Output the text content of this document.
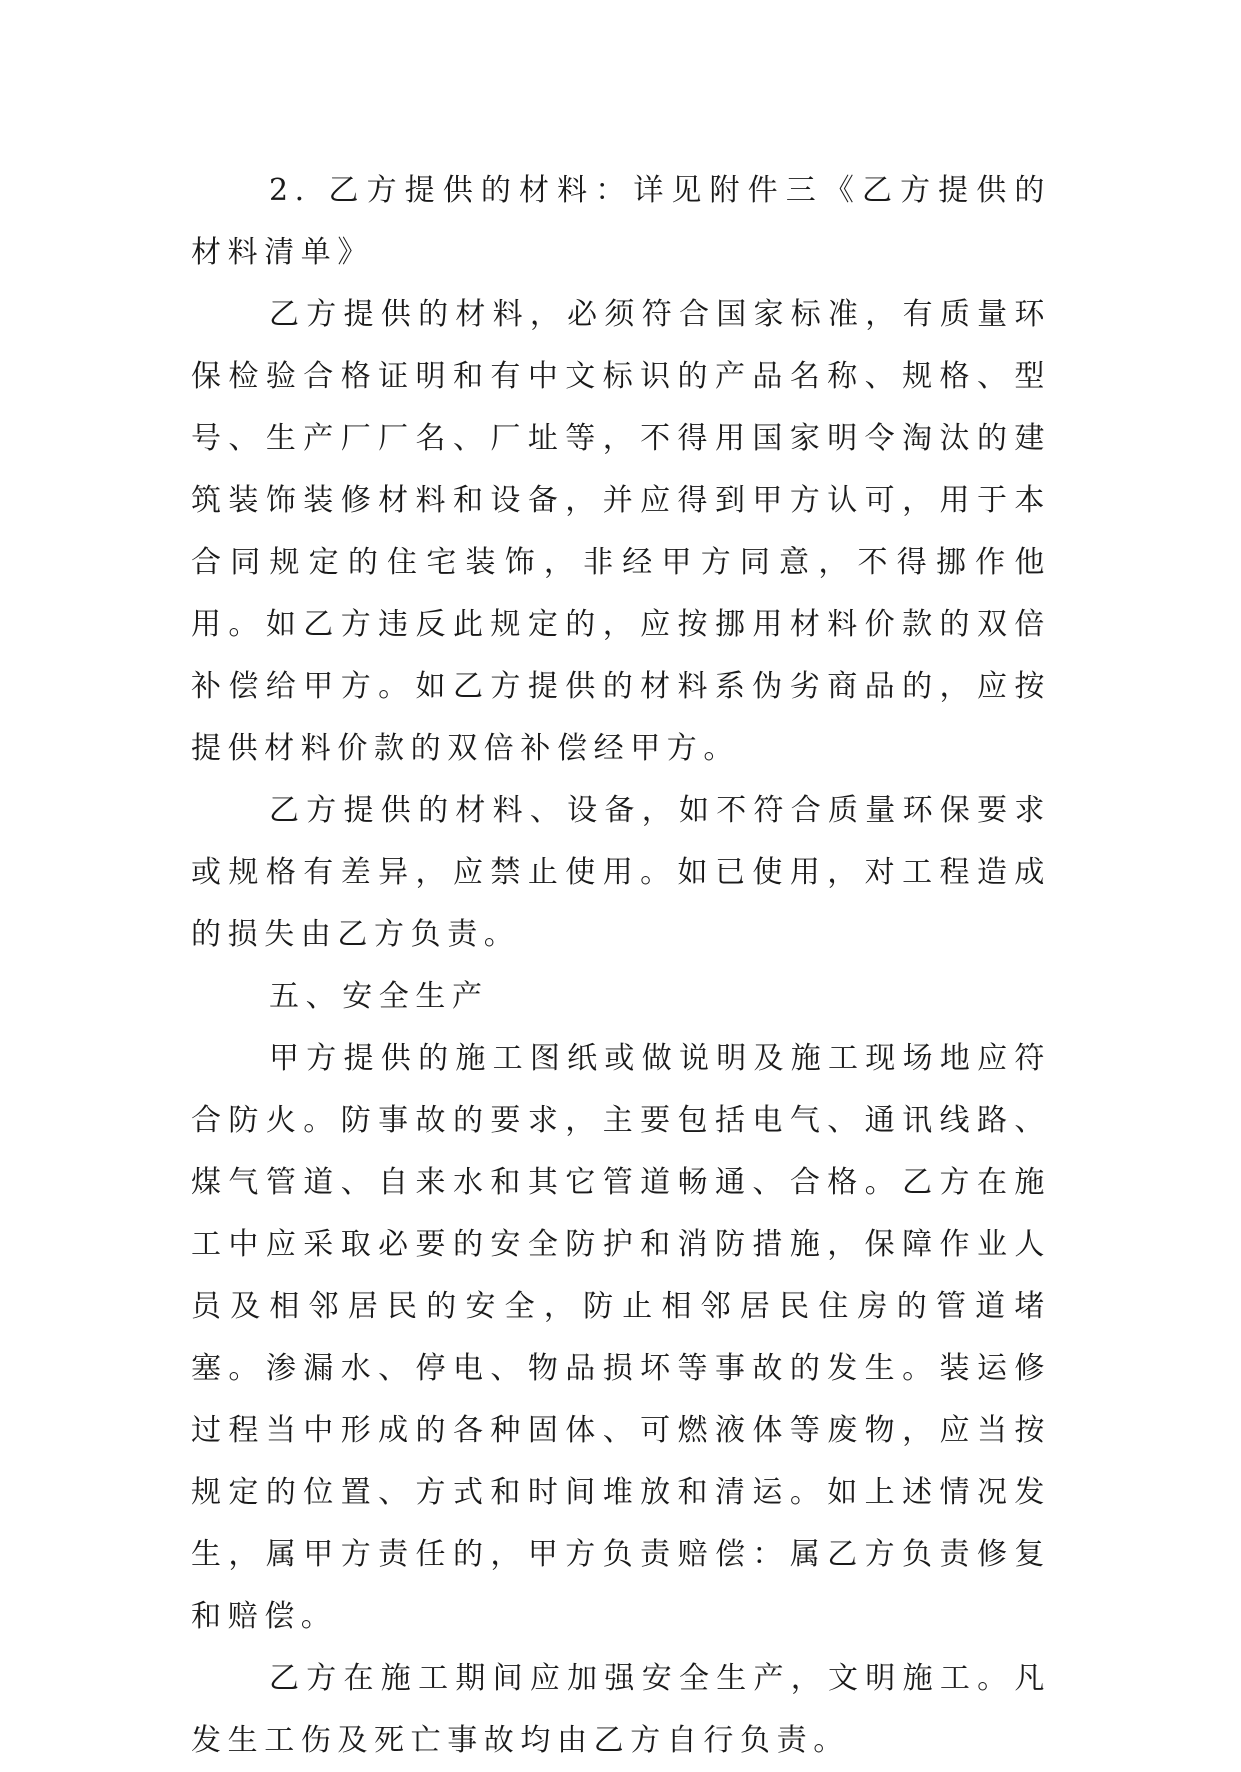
2. 乙方提供的材料：详见附件三《乙方提供的材料清单》

乙方提供的材料，必须符合国家标准，有质量环保检验合格证明和有中文标识的产品名称、规格、型号、生产厂厂名、厂址等，不得用国家明令淘汰的建筑装饰装修材料和设备，并应得到甲方认可，用于本合同规定的住宅装饰，非经甲方同意，不得挪作他用。如乙方违反此规定的，应按挪用材料价款的双倍补偿给甲方。如乙方提供的材料系伪劣商品的，应按提供材料价款的双倍补偿经甲方。

乙方提供的材料、设备，如不符合质量环保要求或规格有差异，应禁止使用。如已使用，对工程造成的损失由乙方负责。

五、安全生产

甲方提供的施工图纸或做说明及施工现场地应符合防火。防事故的要求，主要包括电气、通讯线路、煤气管道、自来水和其它管道畅通、合格。乙方在施工中应采取必要的安全防护和消防措施，保障作业人员及相邻居民的安全，防止相邻居民住房的管道堵塞。渗漏水、停电、物品损坏等事故的发生。装运修过程当中形成的各种固体、可燃液体等废物，应当按规定的位置、方式和时间堆放和清运。如上述情况发生，属甲方责任的，甲方负责赔偿：属乙方负责修复和赔偿。

乙方在施工期间应加强安全生产，文明施工。凡发生工伤及死亡事故均由乙方自行负责。
